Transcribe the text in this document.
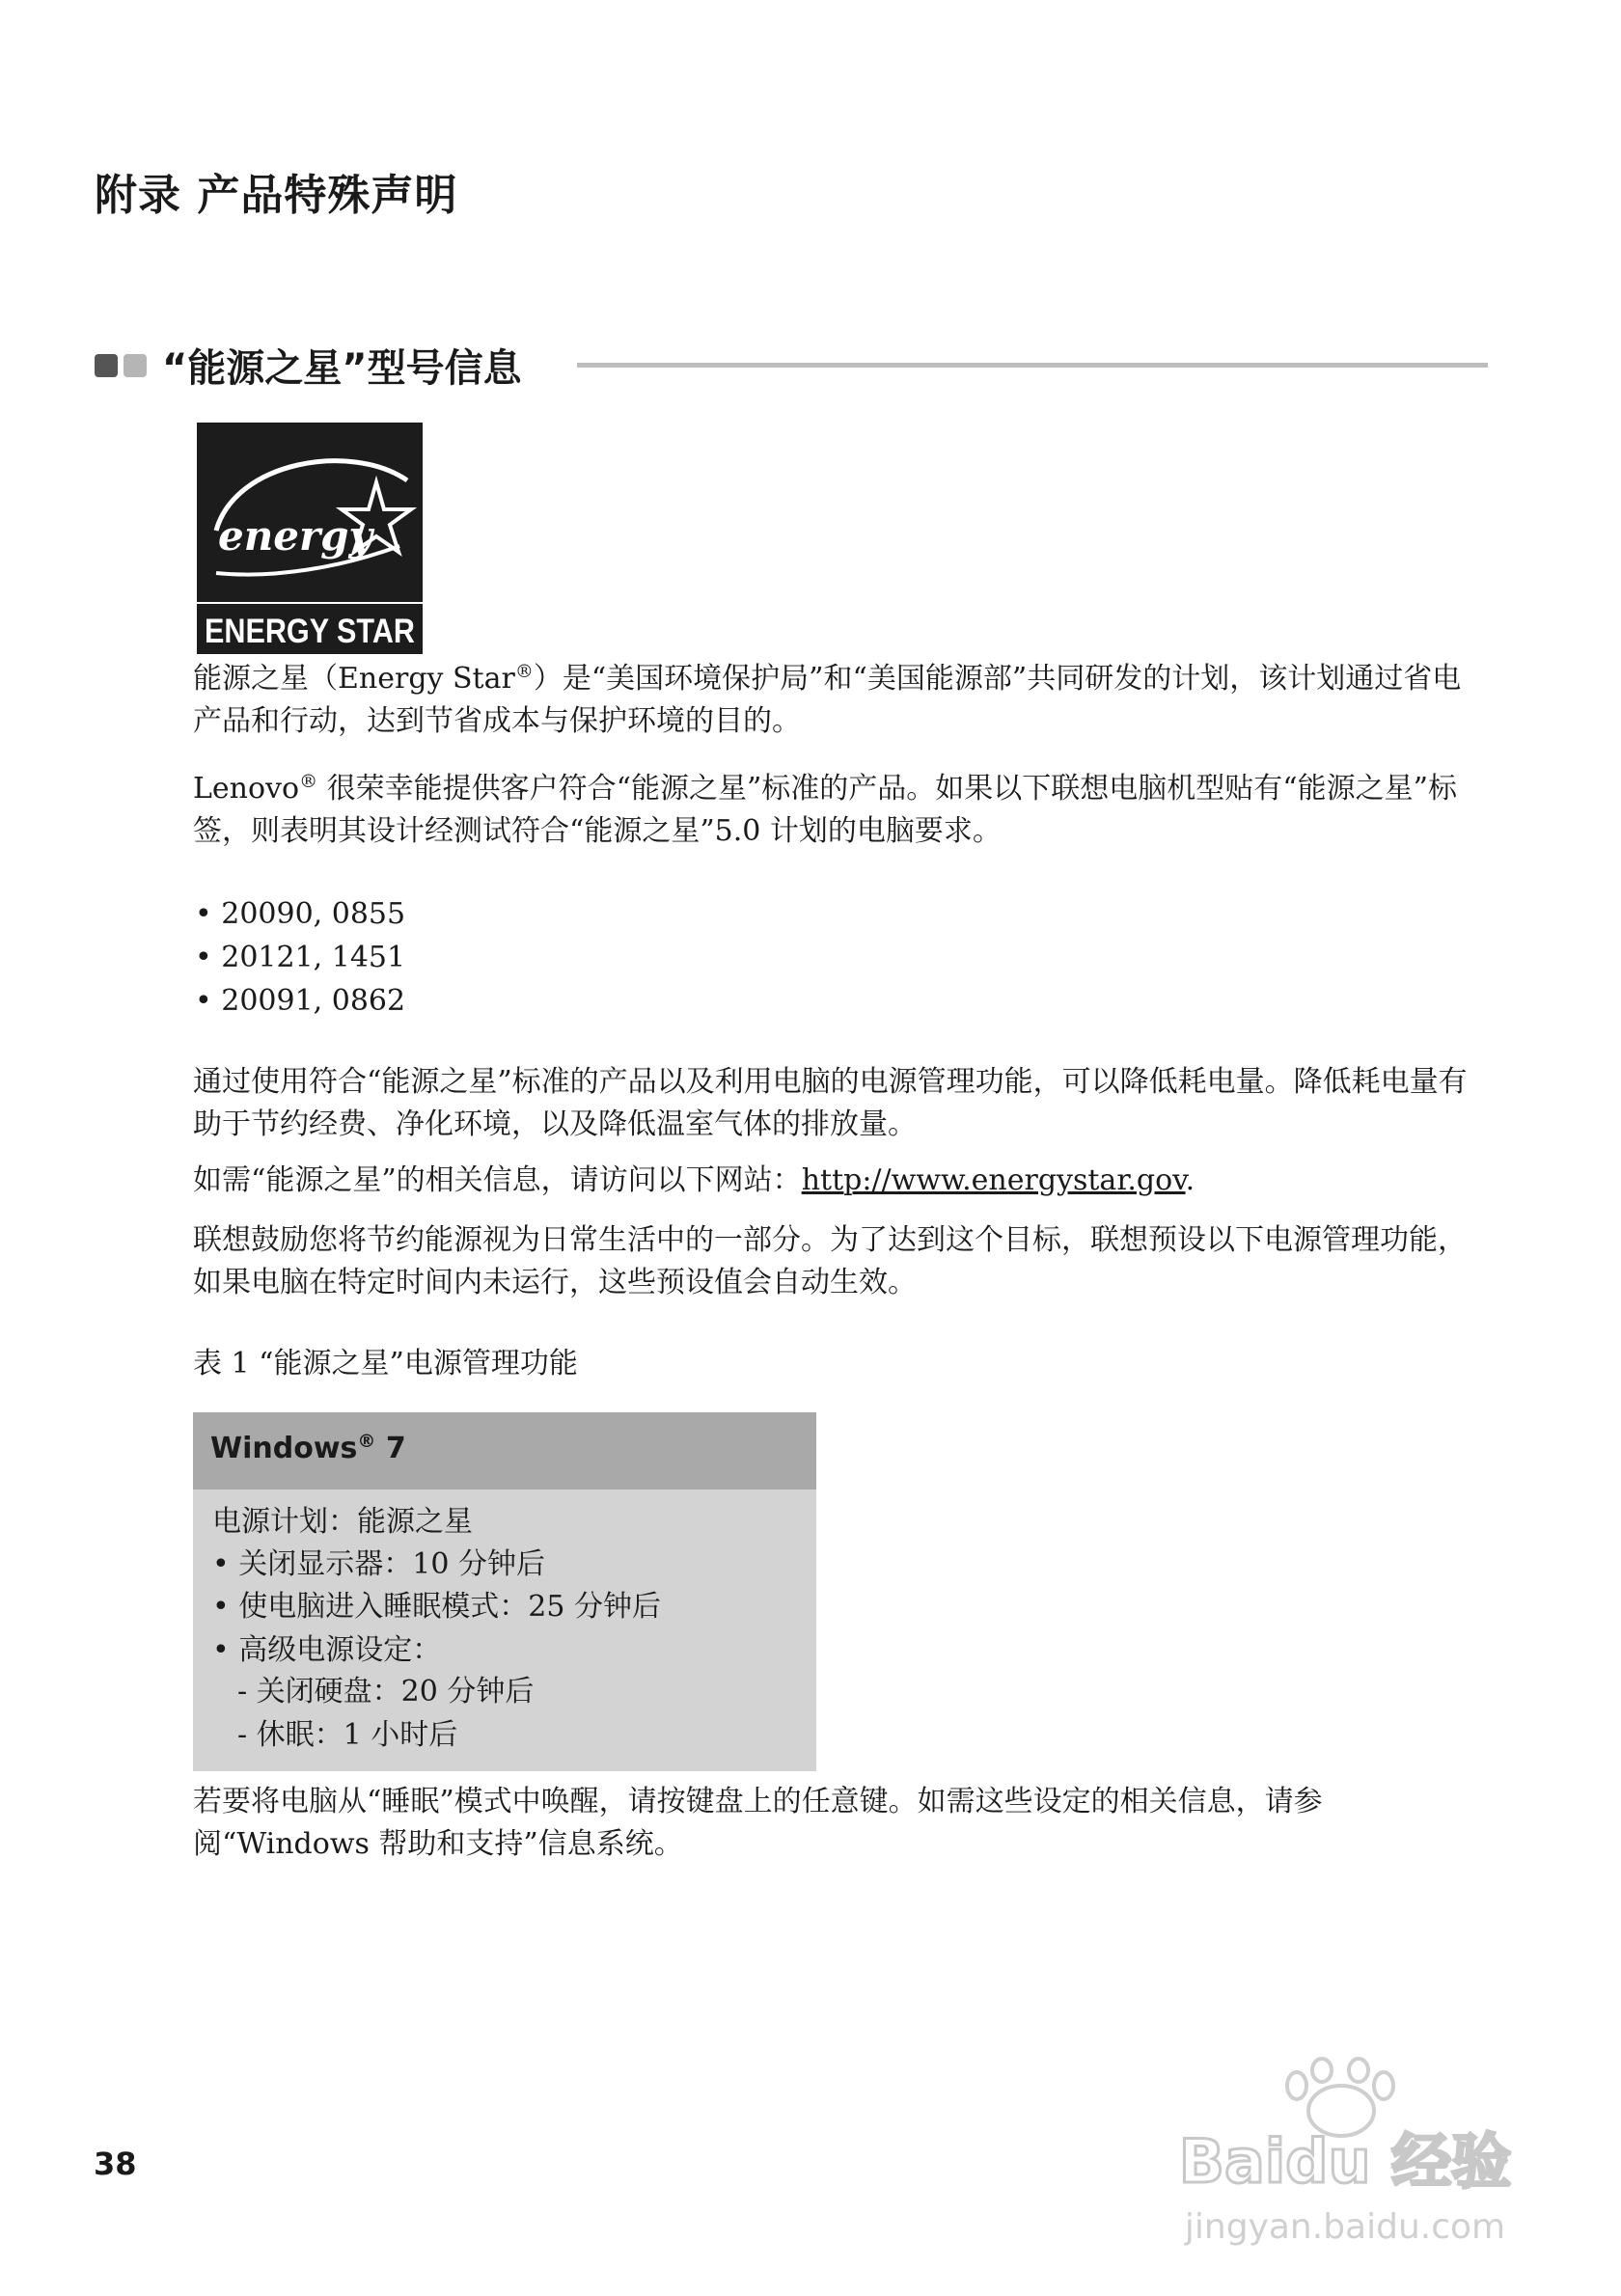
附录 产品特殊声明
“能源之星”型号信息
energy
ENERGY STAR
能源之星（Energy Star®）是“美国环境保护局”和“美国能源部”共同研发的计划，该计划通过省电产品和行动，达到节省成本与保护环境的目的。
Lenovo® 很荣幸能提供客户符合“能源之星”标准的产品。如果以下联想电脑机型贴有“能源之星”标签，则表明其设计经测试符合“能源之星”5.0 计划的电脑要求。
• 20090, 0855
• 20121, 1451
• 20091, 0862
通过使用符合“能源之星”标准的产品以及利用电脑的电源管理功能，可以降低耗电量。降低耗电量有助于节约经费、净化环境，以及降低温室气体的排放量。
如需“能源之星”的相关信息，请访问以下网站：http://www.energystar.gov.
联想鼓励您将节约能源视为日常生活中的一部分。为了达到这个目标，联想预设以下电源管理功能，如果电脑在特定时间内未运行，这些预设值会自动生效。
表 1 “能源之星”电源管理功能
Windows® 7
电源计划：能源之星
• 关闭显示器：10 分钟后
• 使电脑进入睡眠模式：25 分钟后
• 高级电源设定：
- 关闭硬盘：20 分钟后
- 休眠：1 小时后
若要将电脑从“睡眠”模式中唤醒，请按键盘上的任意键。如需这些设定的相关信息，请参阅“Windows 帮助和支持”信息系统。
38	Baidu 经验
jingyan.baidu.com
